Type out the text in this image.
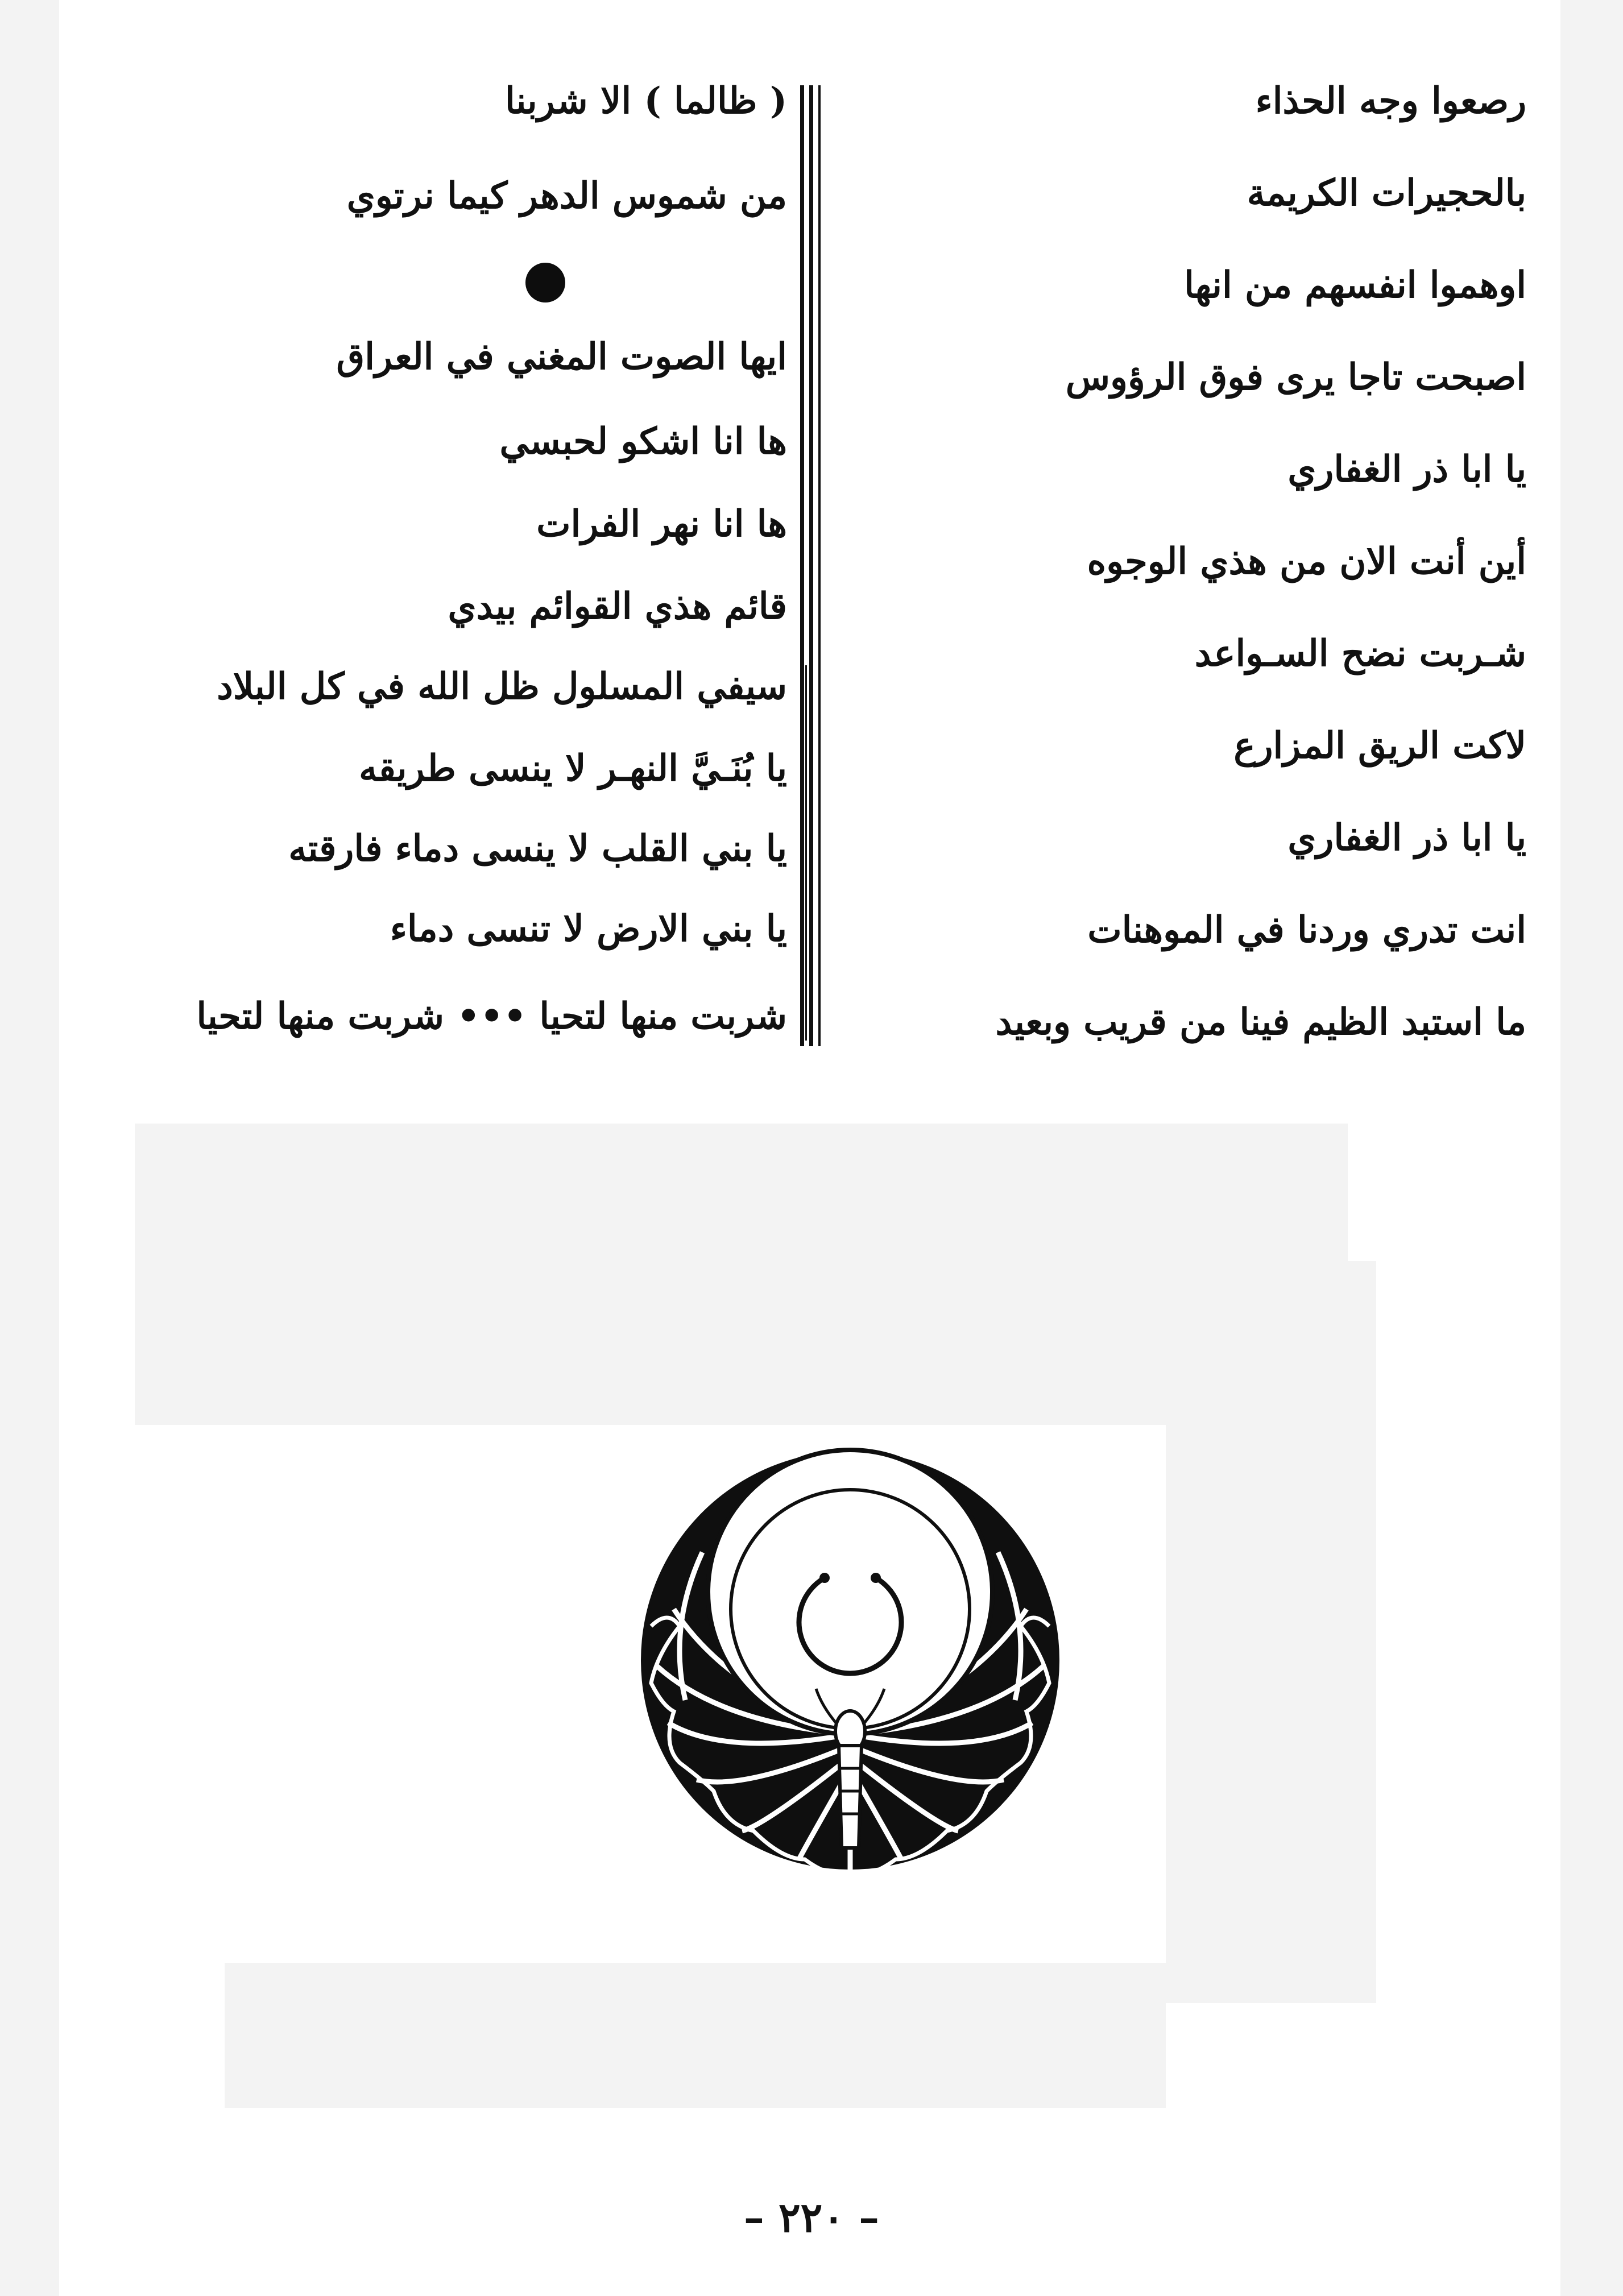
رصعوا وجه الحذاء
بالحجيرات الكريمة
اوهموا انفسهم من انها
اصبحت تاجا يرى فوق الرؤوس
يا ابا ذر الغفاري
أين أنت الان من هذي الوجوه
شـربت نضح السـواعد
لاكت الريق المزارع
يا ابا ذر الغفاري
انت تدري وردنا في الموهنات
ما استبد الظيم فينا من قريب وبعيد
( ظالما ) الا شربنا
من شموس الدهر كيما نرتوي
ايها الصوت المغني في العراق
ها انا اشكو لحبسي
ها انا نهر الفرات
قائم هذي القوائم بيدي
سيفي المسلول ظل الله في كل البلاد
يا بُنَـيَّ النهـر لا ينسى طريقه
يا بني القلب لا ينسى دماء فارقته
يا بني الارض لا تنسى دماء
شربت منها لتحيا ••• شربت منها لتحيا
– ٢٢٠ –
